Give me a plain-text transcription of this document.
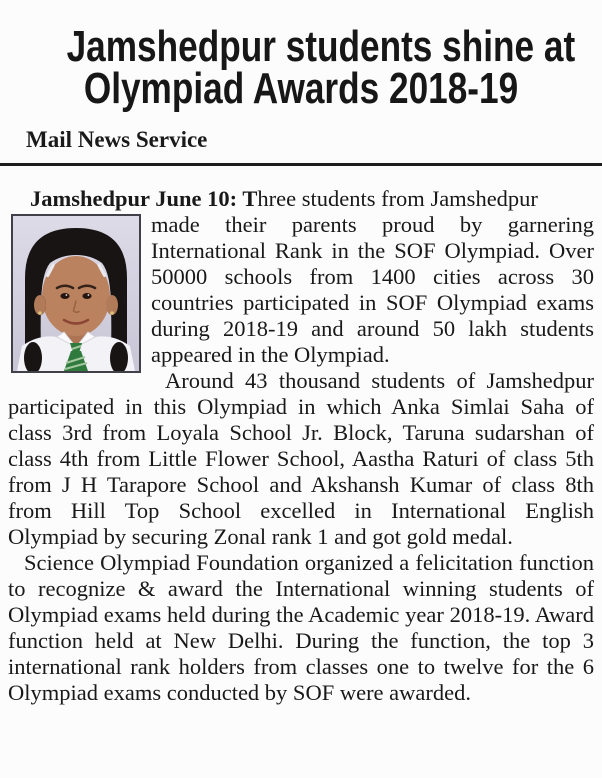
Jamshedpur students shine at
Olympiad Awards 2018-19
Mail News Service

Jamshedpur June 10: Three students from Jamshedpur

made their parents proud by garnering International Rank in the SOF Olympiad. Over 50000 schools from 1400 cities across 30 countries participated in SOF Olympiad exams during 2018-19 and around 50 lakh students appeared in the Olympiad.

Around 43 thousand students of Jamshedpur participated in this Olympiad in which Anka Simlai Saha of class 3rd from Loyala School Jr. Block, Taruna sudarshan of class 4th from Little Flower School, Aastha Raturi of class 5th from J H Tarapore School and Akshansh Kumar of class 8th from Hill Top School excelled in International English Olympiad by securing Zonal rank 1 and got gold medal.

Science Olympiad Foundation organized a felicitation function to recognize & award the International winning students of Olympiad exams held during the Academic year 2018-19. Award function held at New Delhi. During the function, the top 3 international rank holders from classes one to twelve for the 6 Olympiad exams conducted by SOF were awarded.
